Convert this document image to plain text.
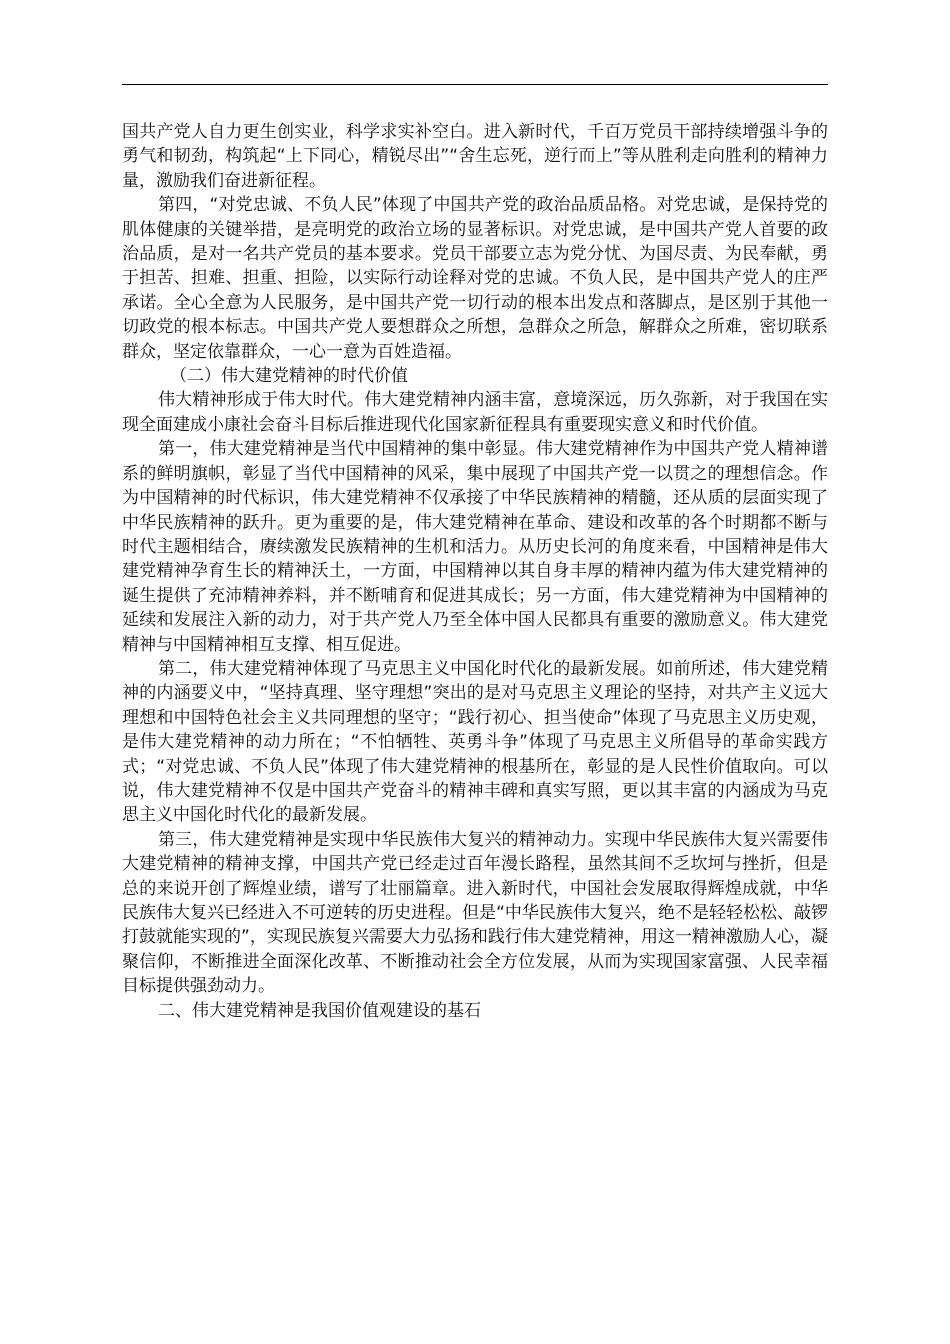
国共产党人自力更生创实业，科学求实补空白。进入新时代，千百万党员干部持续增强斗争的勇气和韧劲，构筑起“上下同心，精锐尽出”“舍生忘死，逆行而上”等从胜利走向胜利的精神力量，激励我们奋进新征程。

第四，“对党忠诚、不负人民”体现了中国共产党的政治品质品格。对党忠诚，是保持党的肌体健康的关键举措，是亮明党的政治立场的显著标识。对党忠诚，是中国共产党人首要的政治品质，是对一名共产党员的基本要求。党员干部要立志为党分忧、为国尽责、为民奉献，勇于担苦、担难、担重、担险，以实际行动诠释对党的忠诚。不负人民，是中国共产党人的庄严承诺。全心全意为人民服务，是中国共产党一切行动的根本出发点和落脚点，是区别于其他一切政党的根本标志。中国共产党人要想群众之所想，急群众之所急，解群众之所难，密切联系群众，坚定依靠群众，一心一意为百姓造福。

（二）伟大建党精神的时代价值

伟大精神形成于伟大时代。伟大建党精神内涵丰富，意境深远，历久弥新，对于我国在实现全面建成小康社会奋斗目标后推进现代化国家新征程具有重要现实意义和时代价值。

第一，伟大建党精神是当代中国精神的集中彰显。伟大建党精神作为中国共产党人精神谱系的鲜明旗帜，彰显了当代中国精神的风采，集中展现了中国共产党一以贯之的理想信念。作为中国精神的时代标识，伟大建党精神不仅承接了中华民族精神的精髓，还从质的层面实现了中华民族精神的跃升。更为重要的是，伟大建党精神在革命、建设和改革的各个时期都不断与时代主题相结合，赓续激发民族精神的生机和活力。从历史长河的角度来看，中国精神是伟大建党精神孕育生长的精神沃土，一方面，中国精神以其自身丰厚的精神内蕴为伟大建党精神的诞生提供了充沛精神养料，并不断哺育和促进其成长；另一方面，伟大建党精神为中国精神的延续和发展注入新的动力，对于共产党人乃至全体中国人民都具有重要的激励意义。伟大建党精神与中国精神相互支撑、相互促进。

第二，伟大建党精神体现了马克思主义中国化时代化的最新发展。如前所述，伟大建党精神的内涵要义中，“坚持真理、坚守理想”突出的是对马克思主义理论的坚持，对共产主义远大理想和中国特色社会主义共同理想的坚守；“践行初心、担当使命”体现了马克思主义历史观，是伟大建党精神的动力所在；“不怕牺牲、英勇斗争”体现了马克思主义所倡导的革命实践方式；“对党忠诚、不负人民”体现了伟大建党精神的根基所在，彰显的是人民性价值取向。可以说，伟大建党精神不仅是中国共产党奋斗的精神丰碑和真实写照，更以其丰富的内涵成为马克思主义中国化时代化的最新发展。

第三，伟大建党精神是实现中华民族伟大复兴的精神动力。实现中华民族伟大复兴需要伟大建党精神的精神支撑，中国共产党已经走过百年漫长路程，虽然其间不乏坎坷与挫折，但是总的来说开创了辉煌业绩，谱写了壮丽篇章。进入新时代，中国社会发展取得辉煌成就，中华民族伟大复兴已经进入不可逆转的历史进程。但是“中华民族伟大复兴，绝不是轻轻松松、敲锣打鼓就能实现的”，实现民族复兴需要大力弘扬和践行伟大建党精神，用这一精神激励人心，凝聚信仰，不断推进全面深化改革、不断推动社会全方位发展，从而为实现国家富强、人民幸福目标提供强劲动力。

二、伟大建党精神是我国价值观建设的基石
